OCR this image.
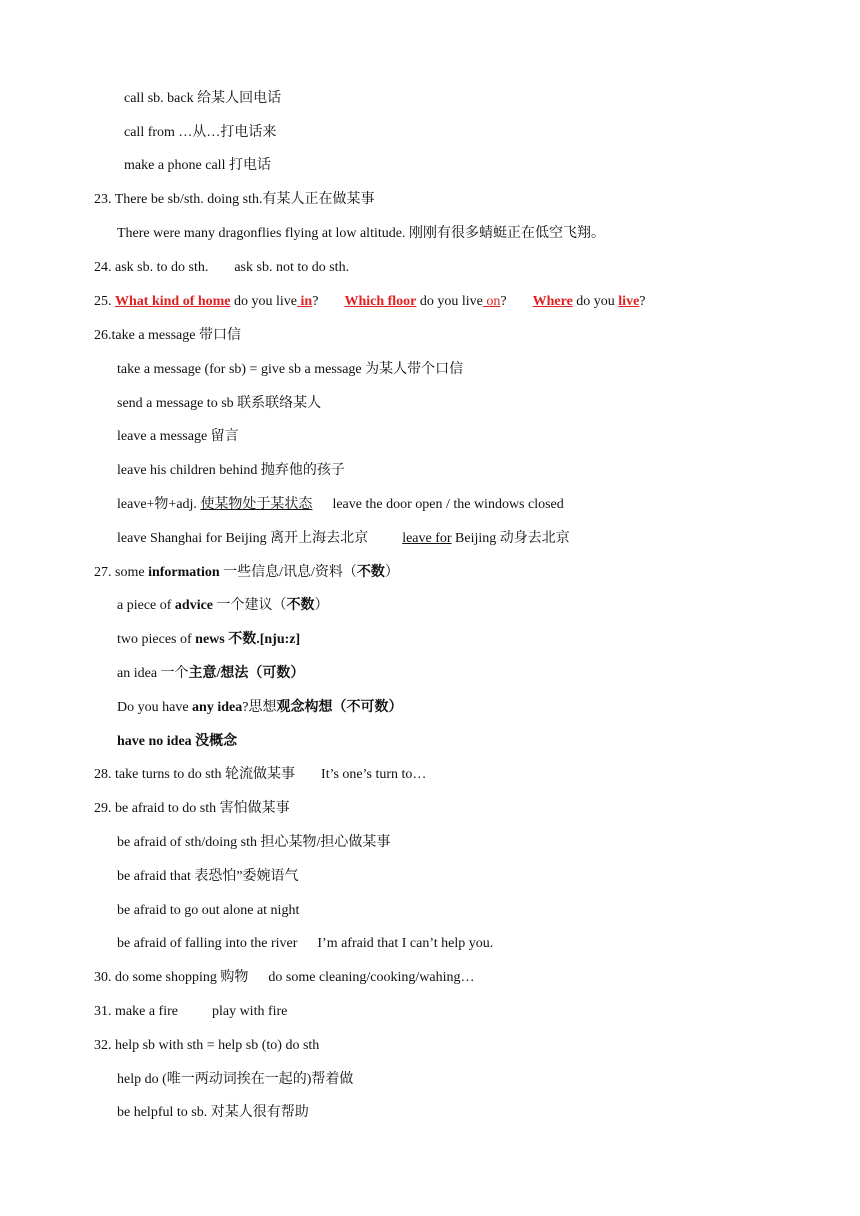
call sb. back 给某人回电话
call from …从…打电话来
make a phone call 打电话
23. There be sb/sth. doing sth.有某人正在做某事
There were many dragonflies flying at low altitude. 刚刚有很多蜻蜓正在低空飞翔。
24. ask sb. to do sth. ask sb. not to do sth.
25. What kind of home do you live in? Which floor do you live on? Where do you live?
26.take a message 带口信
take a message (for sb) = give sb a message 为某人带个口信
send a message to sb 联系联络某人
leave a message 留言
leave his children behind 抛弃他的孩子
leave+物+adj. 使某物处于某状态 leave the door open / the windows closed
leave Shanghai for Beijing 离开上海去北京 leave for Beijing 动身去北京
27. some information 一些信息/讯息/资料（不数）
a piece of advice 一个建议（不数）
two pieces of news 不数.[nju:z]
an idea 一个主意/想法（可数）
Do you have any idea?思想观念构想（不可数）
have no idea 没概念
28. take turns to do sth 轮流做某事 It’s one’s turn to…
29. be afraid to do sth 害怕做某事
be afraid of sth/doing sth 担心某物/担心做某事
be afraid that 表恐怕”委婉语气
be afraid to go out alone at night
be afraid of falling into the river I’m afraid that I can’t help you.
30. do some shopping 购物 do some cleaning/cooking/wahing…
31. make a fire play with fire
32. help sb with sth = help sb (to) do sth
help do (唯一两动词挨在一起的)帮着做
be helpful to sb. 对某人很有帮助
